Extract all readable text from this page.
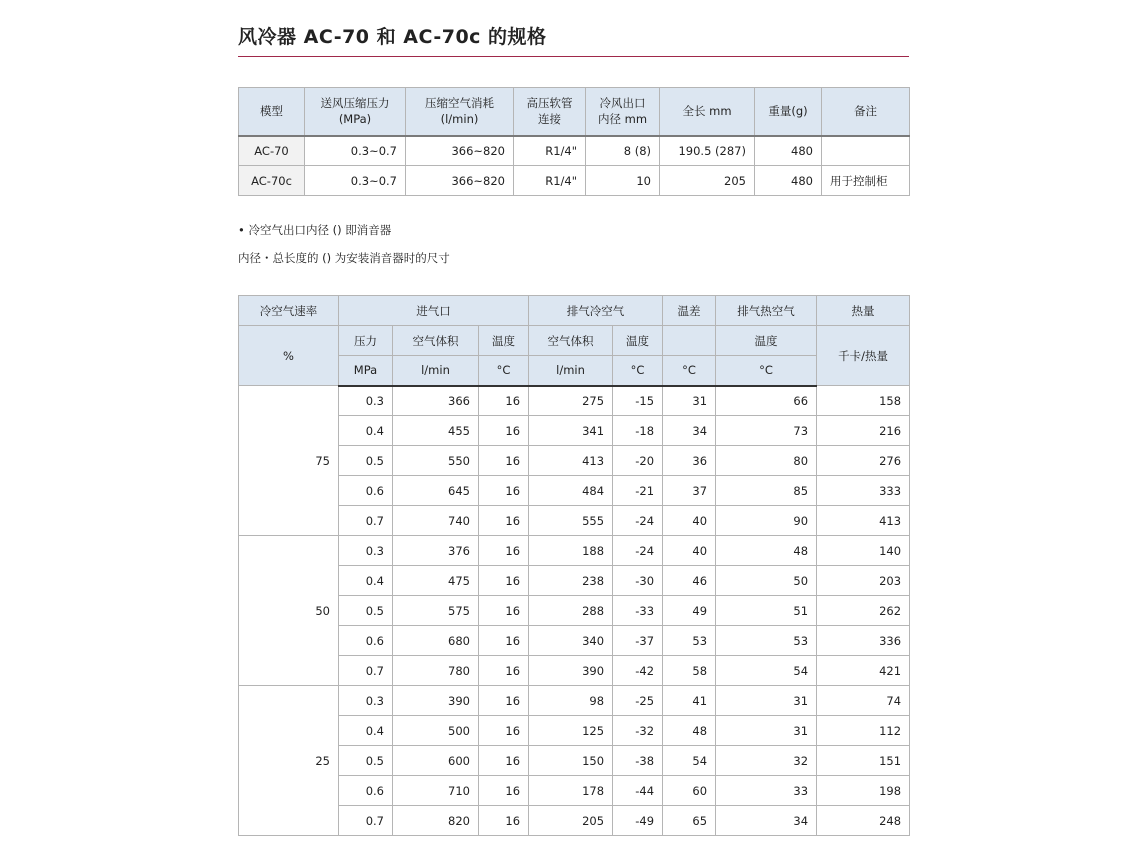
风冷器 AC-70 和 AC-70c 的规格
模型	送风压缩压力(MPa)	压缩空气消耗(l/min)	高压软管连接	冷风出口内径 mm	全长 mm	重量(g)	备注
AC-70	0.3~0.7	366~820	R1/4"	8 (8)	190.5 (287)	480	
AC-70c	0.3~0.7	366~820	R1/4"	10	205	480	用于控制柜
• 冷空气出口内径 () 即消音器
内径・总长度的 () 为安装消音器时的尺寸
冷空气速率	进气口			排气冷空气		温差	排气热空气	热量
%	压力	空气体积	温度	空气体积	温度		温度	千卡/热量
	MPa	l/min	°C	l/min	°C	°C	°C	
75	0.3	366	16	275	-15	31	66	158
	0.4	455	16	341	-18	34	73	216
	0.5	550	16	413	-20	36	80	276
	0.6	645	16	484	-21	37	85	333
	0.7	740	16	555	-24	40	90	413
50	0.3	376	16	188	-24	40	48	140
	0.4	475	16	238	-30	46	50	203
	0.5	575	16	288	-33	49	51	262
	0.6	680	16	340	-37	53	53	336
	0.7	780	16	390	-42	58	54	421
25	0.3	390	16	98	-25	41	31	74
	0.4	500	16	125	-32	48	31	112
	0.5	600	16	150	-38	54	32	151
	0.6	710	16	178	-44	60	33	198
	0.7	820	16	205	-49	65	34	248
